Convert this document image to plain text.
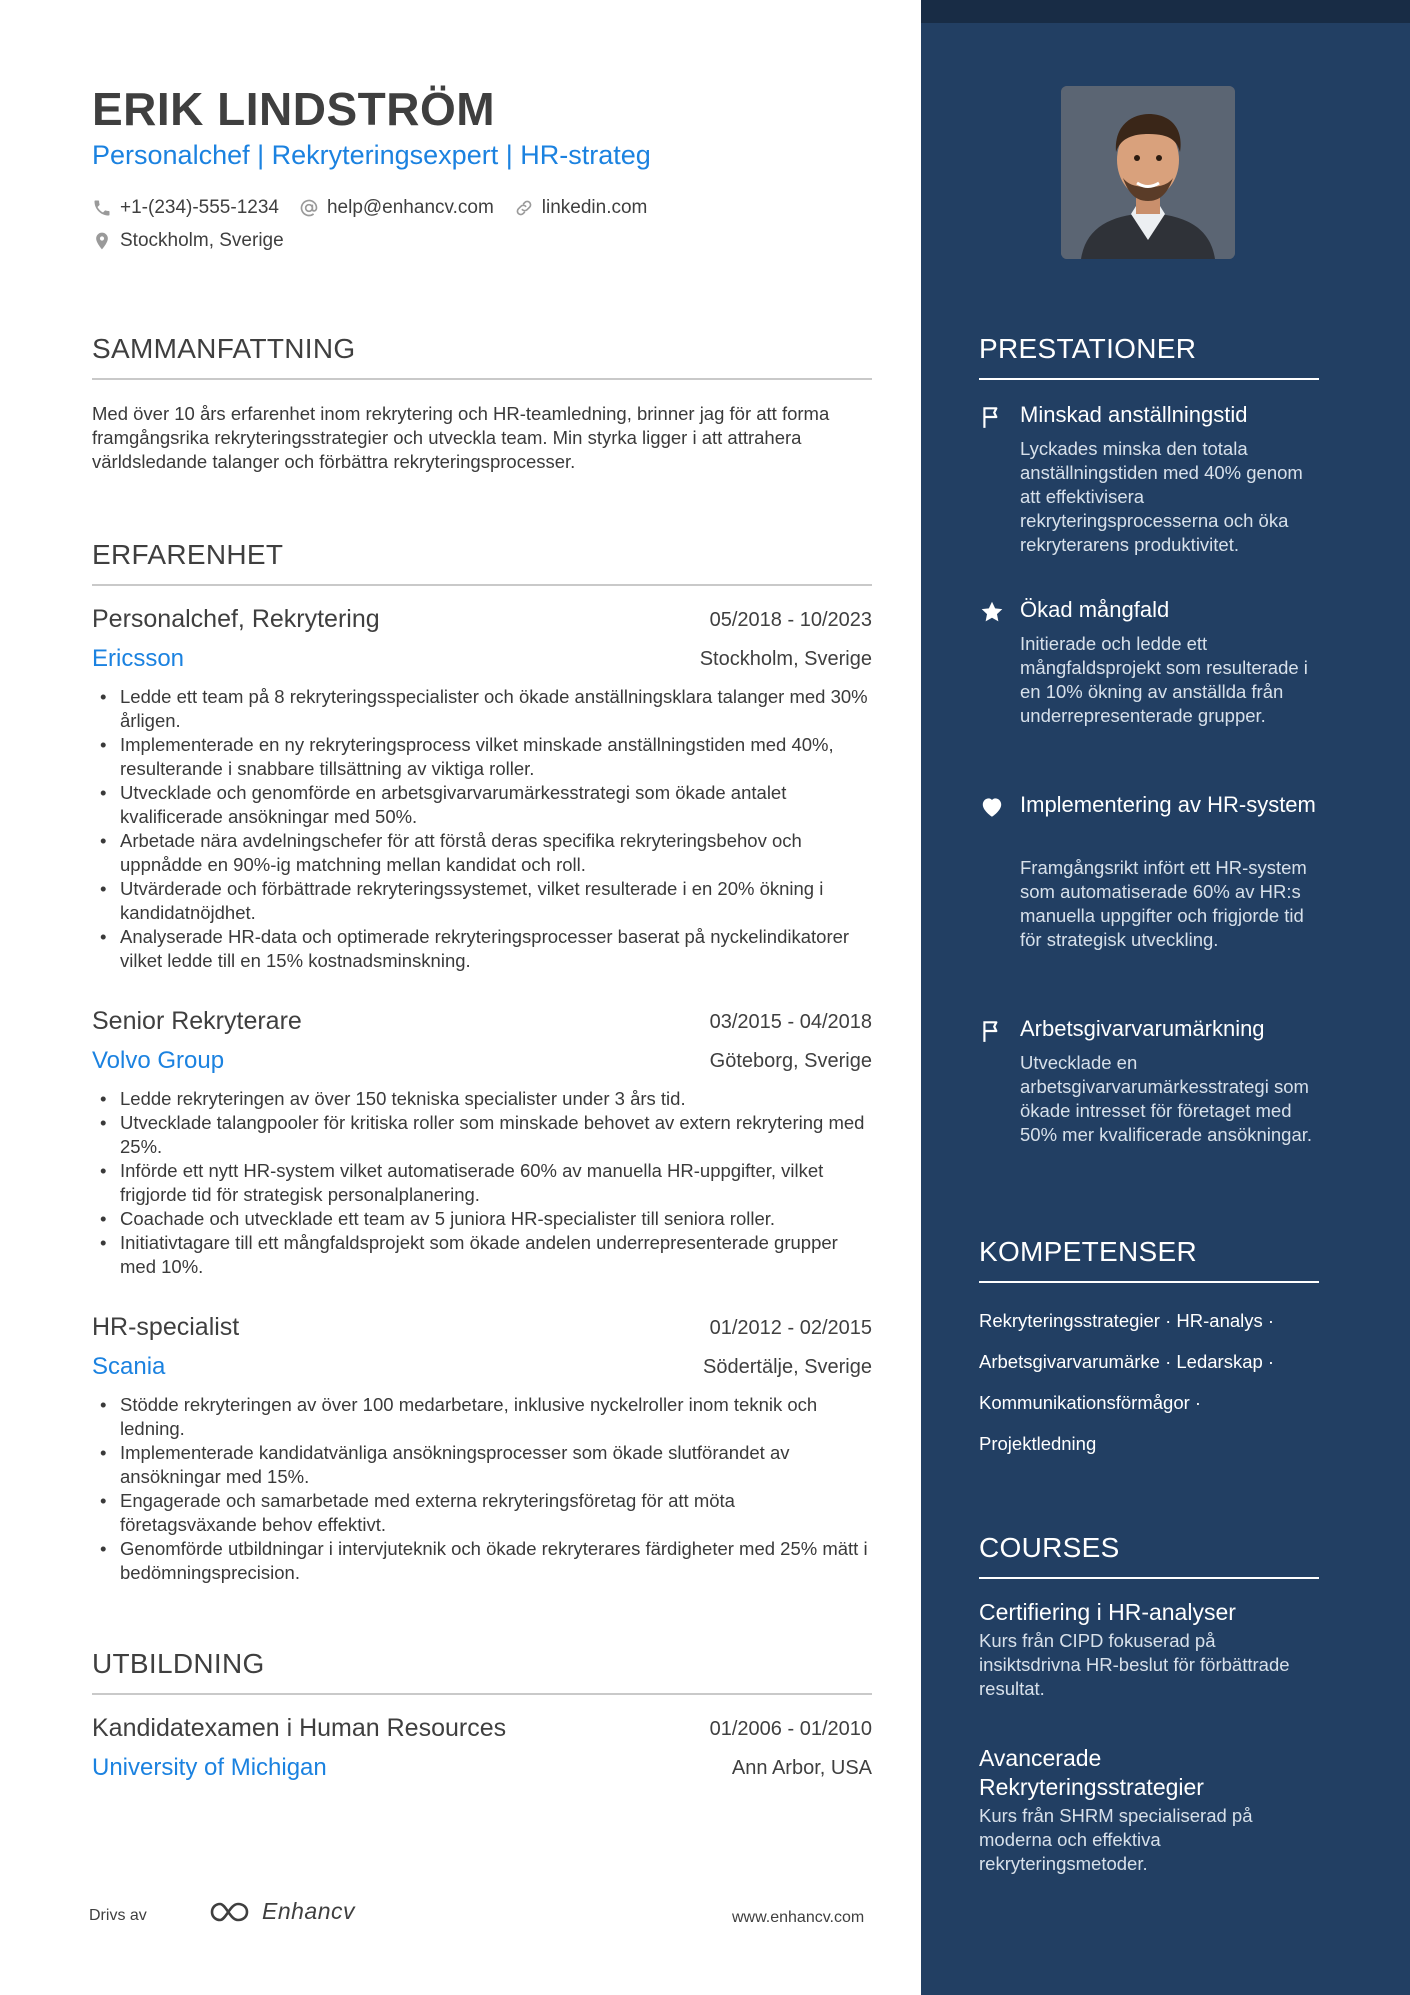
ERIK LINDSTRÖM
Personalchef | Rekryteringsexpert | HR-strateg
+1-(234)-555-1234	help@enhancv.com	linkedin.com
Stockholm, Sverige
SAMMANFATTNING
Med över 10 års erfarenhet inom rekrytering och HR-teamledning, brinner jag för att forma framgångsrika rekryteringsstrategier och utveckla team. Min styrka ligger i att attrahera världsledande talanger och förbättra rekryteringsprocesser.
ERFARENHET
Personalchef, Rekrytering	05/2018 - 10/2023
Ericsson	Stockholm, Sverige
• Ledde ett team på 8 rekryteringsspecialister och ökade anställningsklara talanger med 30% årligen.
• Implementerade en ny rekryteringsprocess vilket minskade anställningstiden med 40%, resulterande i snabbare tillsättning av viktiga roller.
• Utvecklade och genomförde en arbetsgivarvarumärkesstrategi som ökade antalet kvalificerade ansökningar med 50%.
• Arbetade nära avdelningschefer för att förstå deras specifika rekryteringsbehov och uppnådde en 90%-ig matchning mellan kandidat och roll.
• Utvärderade och förbättrade rekryteringssystemet, vilket resulterade i en 20% ökning i kandidatnöjdhet.
• Analyserade HR-data och optimerade rekryteringsprocesser baserat på nyckelindikatorer vilket ledde till en 15% kostnadsminskning.
Senior Rekryterare	03/2015 - 04/2018
Volvo Group	Göteborg, Sverige
• Ledde rekryteringen av över 150 tekniska specialister under 3 års tid.
• Utvecklade talangpooler för kritiska roller som minskade behovet av extern rekrytering med 25%.
• Införde ett nytt HR-system vilket automatiserade 60% av manuella HR-uppgifter, vilket frigjorde tid för strategisk personalplanering.
• Coachade och utvecklade ett team av 5 juniora HR-specialister till seniora roller.
• Initiativtagare till ett mångfaldsprojekt som ökade andelen underrepresenterade grupper med 10%.
HR-specialist	01/2012 - 02/2015
Scania	Södertälje, Sverige
• Stödde rekryteringen av över 100 medarbetare, inklusive nyckelroller inom teknik och ledning.
• Implementerade kandidatvänliga ansökningsprocesser som ökade slutförandet av ansökningar med 15%.
• Engagerade och samarbetade med externa rekryteringsföretag för att möta företagsväxande behov effektivt.
• Genomförde utbildningar i intervjuteknik och ökade rekryterares färdigheter med 25% mätt i bedömningsprecision.
UTBILDNING
Kandidatexamen i Human Resources	01/2006 - 01/2010
University of Michigan	Ann Arbor, USA
Drivs av	Enhancv	www.enhancv.com
PRESTATIONER
Minskad anställningstid
Lyckades minska den totala anställningstiden med 40% genom att effektivisera rekryteringsprocesserna och öka rekryterarens produktivitet.
Ökad mångfald
Initierade och ledde ett mångfaldsprojekt som resulterade i en 10% ökning av anställda från underrepresenterade grupper.
Implementering av HR-system
Framgångsrikt infört ett HR-system som automatiserade 60% av HR:s manuella uppgifter och frigjorde tid för strategisk utveckling.
Arbetsgivarvarumärkning
Utvecklade en arbetsgivarvarumärkesstrategi som ökade intresset för företaget med 50% mer kvalificerade ansökningar.
KOMPETENSER
Rekryteringsstrategier · HR-analys ·
Arbetsgivarvarumärke · Ledarskap ·
Kommunikationsförmågor ·
Projektledning
COURSES
Certifiering i HR-analyser
Kurs från CIPD fokuserad på insiktsdrivna HR-beslut för förbättrade resultat.
Avancerade Rekryteringsstrategier
Kurs från SHRM specialiserad på moderna och effektiva rekryteringsmetoder.
